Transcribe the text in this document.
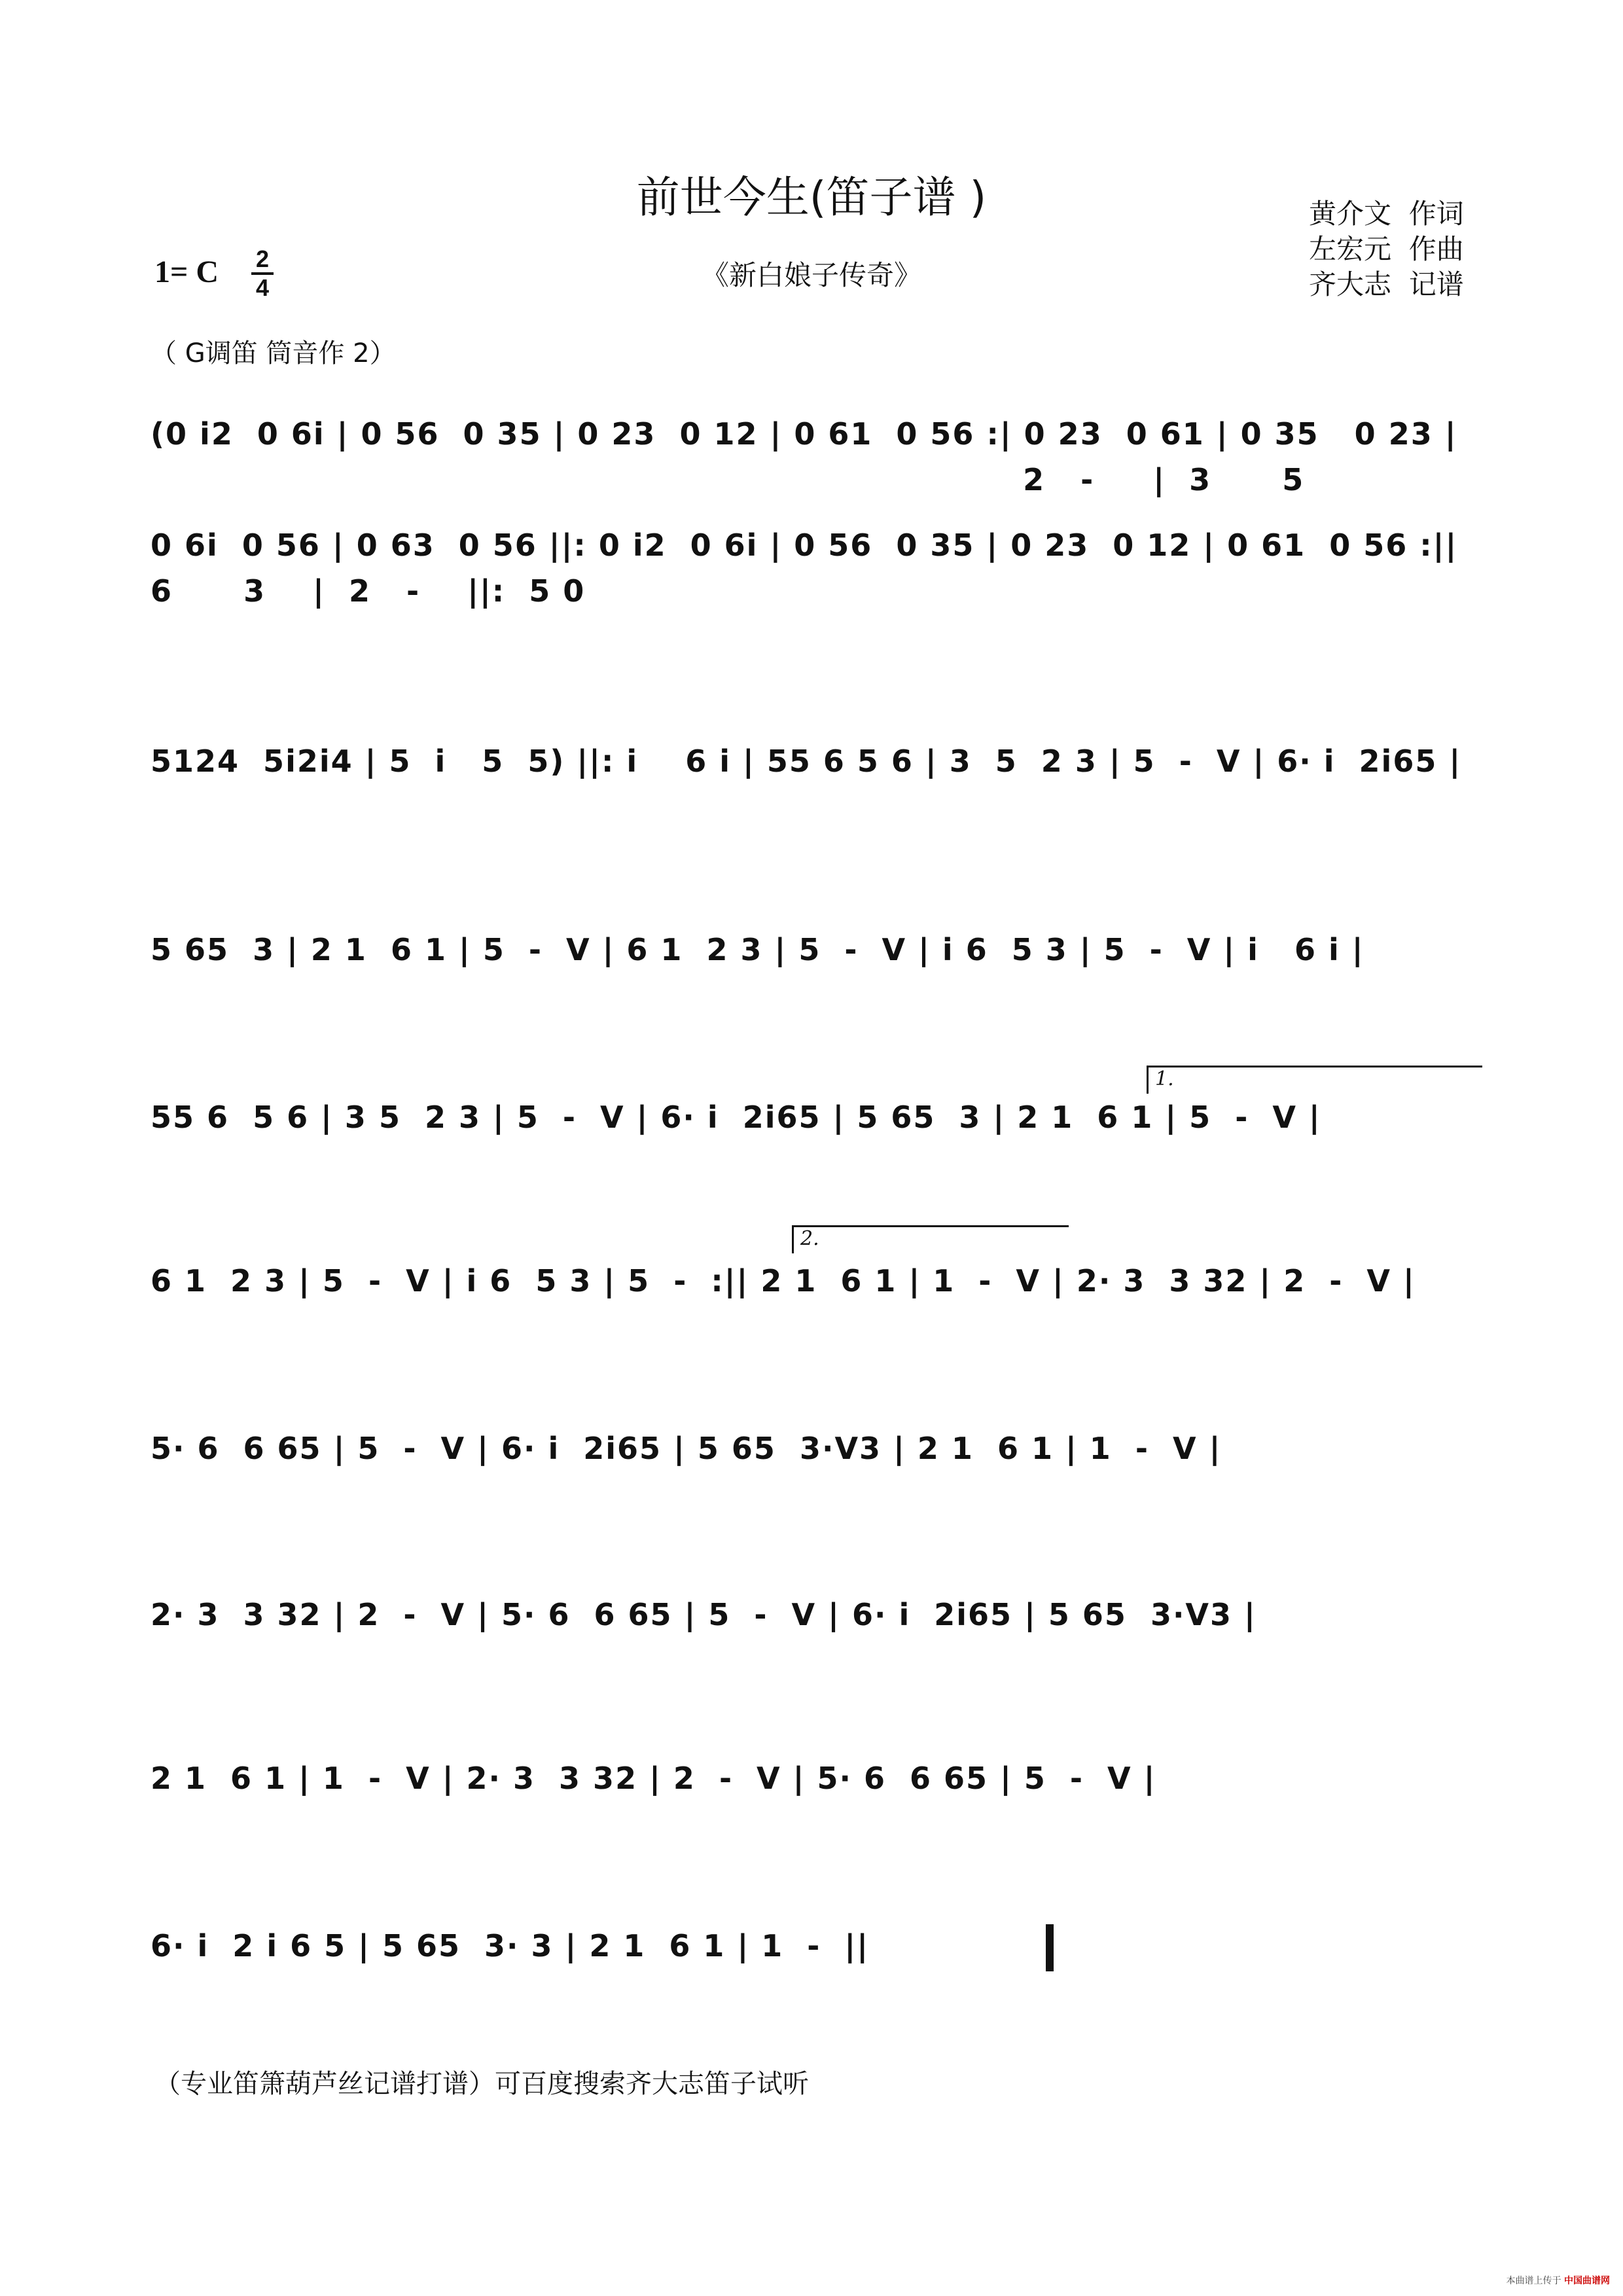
前世今生(笛子谱 )
《新白娘子传奇》
黄介文  作词
左宏元  作曲
齐大志  记谱
1= C 2
4
（ G调笛 筒音作 2）
(0 i2  0 6i | 0 56  0 35 | 0 23  0 12 | 0 61  0 56 :| 0 23  0 61 | 0 35   0 23 |
2   -     |  3      5
0 6i  0 56 | 0 63  0 56 ||: 0 i2  0 6i | 0 56  0 35 | 0 23  0 12 | 0 61  0 56 :||
6      3    |  2   -    ||:  5 0
5124  5i2i4 | 5  i   5  5) ||: i    6 i | 55 6 5 6 | 3  5  2 3 | 5  -  V | 6· i  2i65 |
5 65  3 | 2 1  6 1 | 5  -  V | 6 1  2 3 | 5  -  V | i 6  5 3 | 5  -  V | i   6 i |
1.
55 6  5 6 | 3 5  2 3 | 5  -  V | 6· i  2i65 | 5 65  3 | 2 1  6 1 | 5  -  V |
2.
6 1  2 3 | 5  -  V | i 6  5 3 | 5  -  :|| 2 1  6 1 | 1  -  V | 2· 3  3 32 | 2  -  V |
5· 6  6 65 | 5  -  V | 6· i  2i65 | 5 65  3·V3 | 2 1  6 1 | 1  -  V |
2· 3  3 32 | 2  -  V | 5· 6  6 65 | 5  -  V | 6· i  2i65 | 5 65  3·V3 |
2 1  6 1 | 1  -  V | 2· 3  3 32 | 2  -  V | 5· 6  6 65 | 5  -  V |
6· i  2 i 6 5 | 5 65  3· 3 | 2 1  6 1 | 1  -  ||
（专业笛箫葫芦丝记谱打谱）可百度搜索齐大志笛子试听
本曲谱上传于 中国曲谱网
